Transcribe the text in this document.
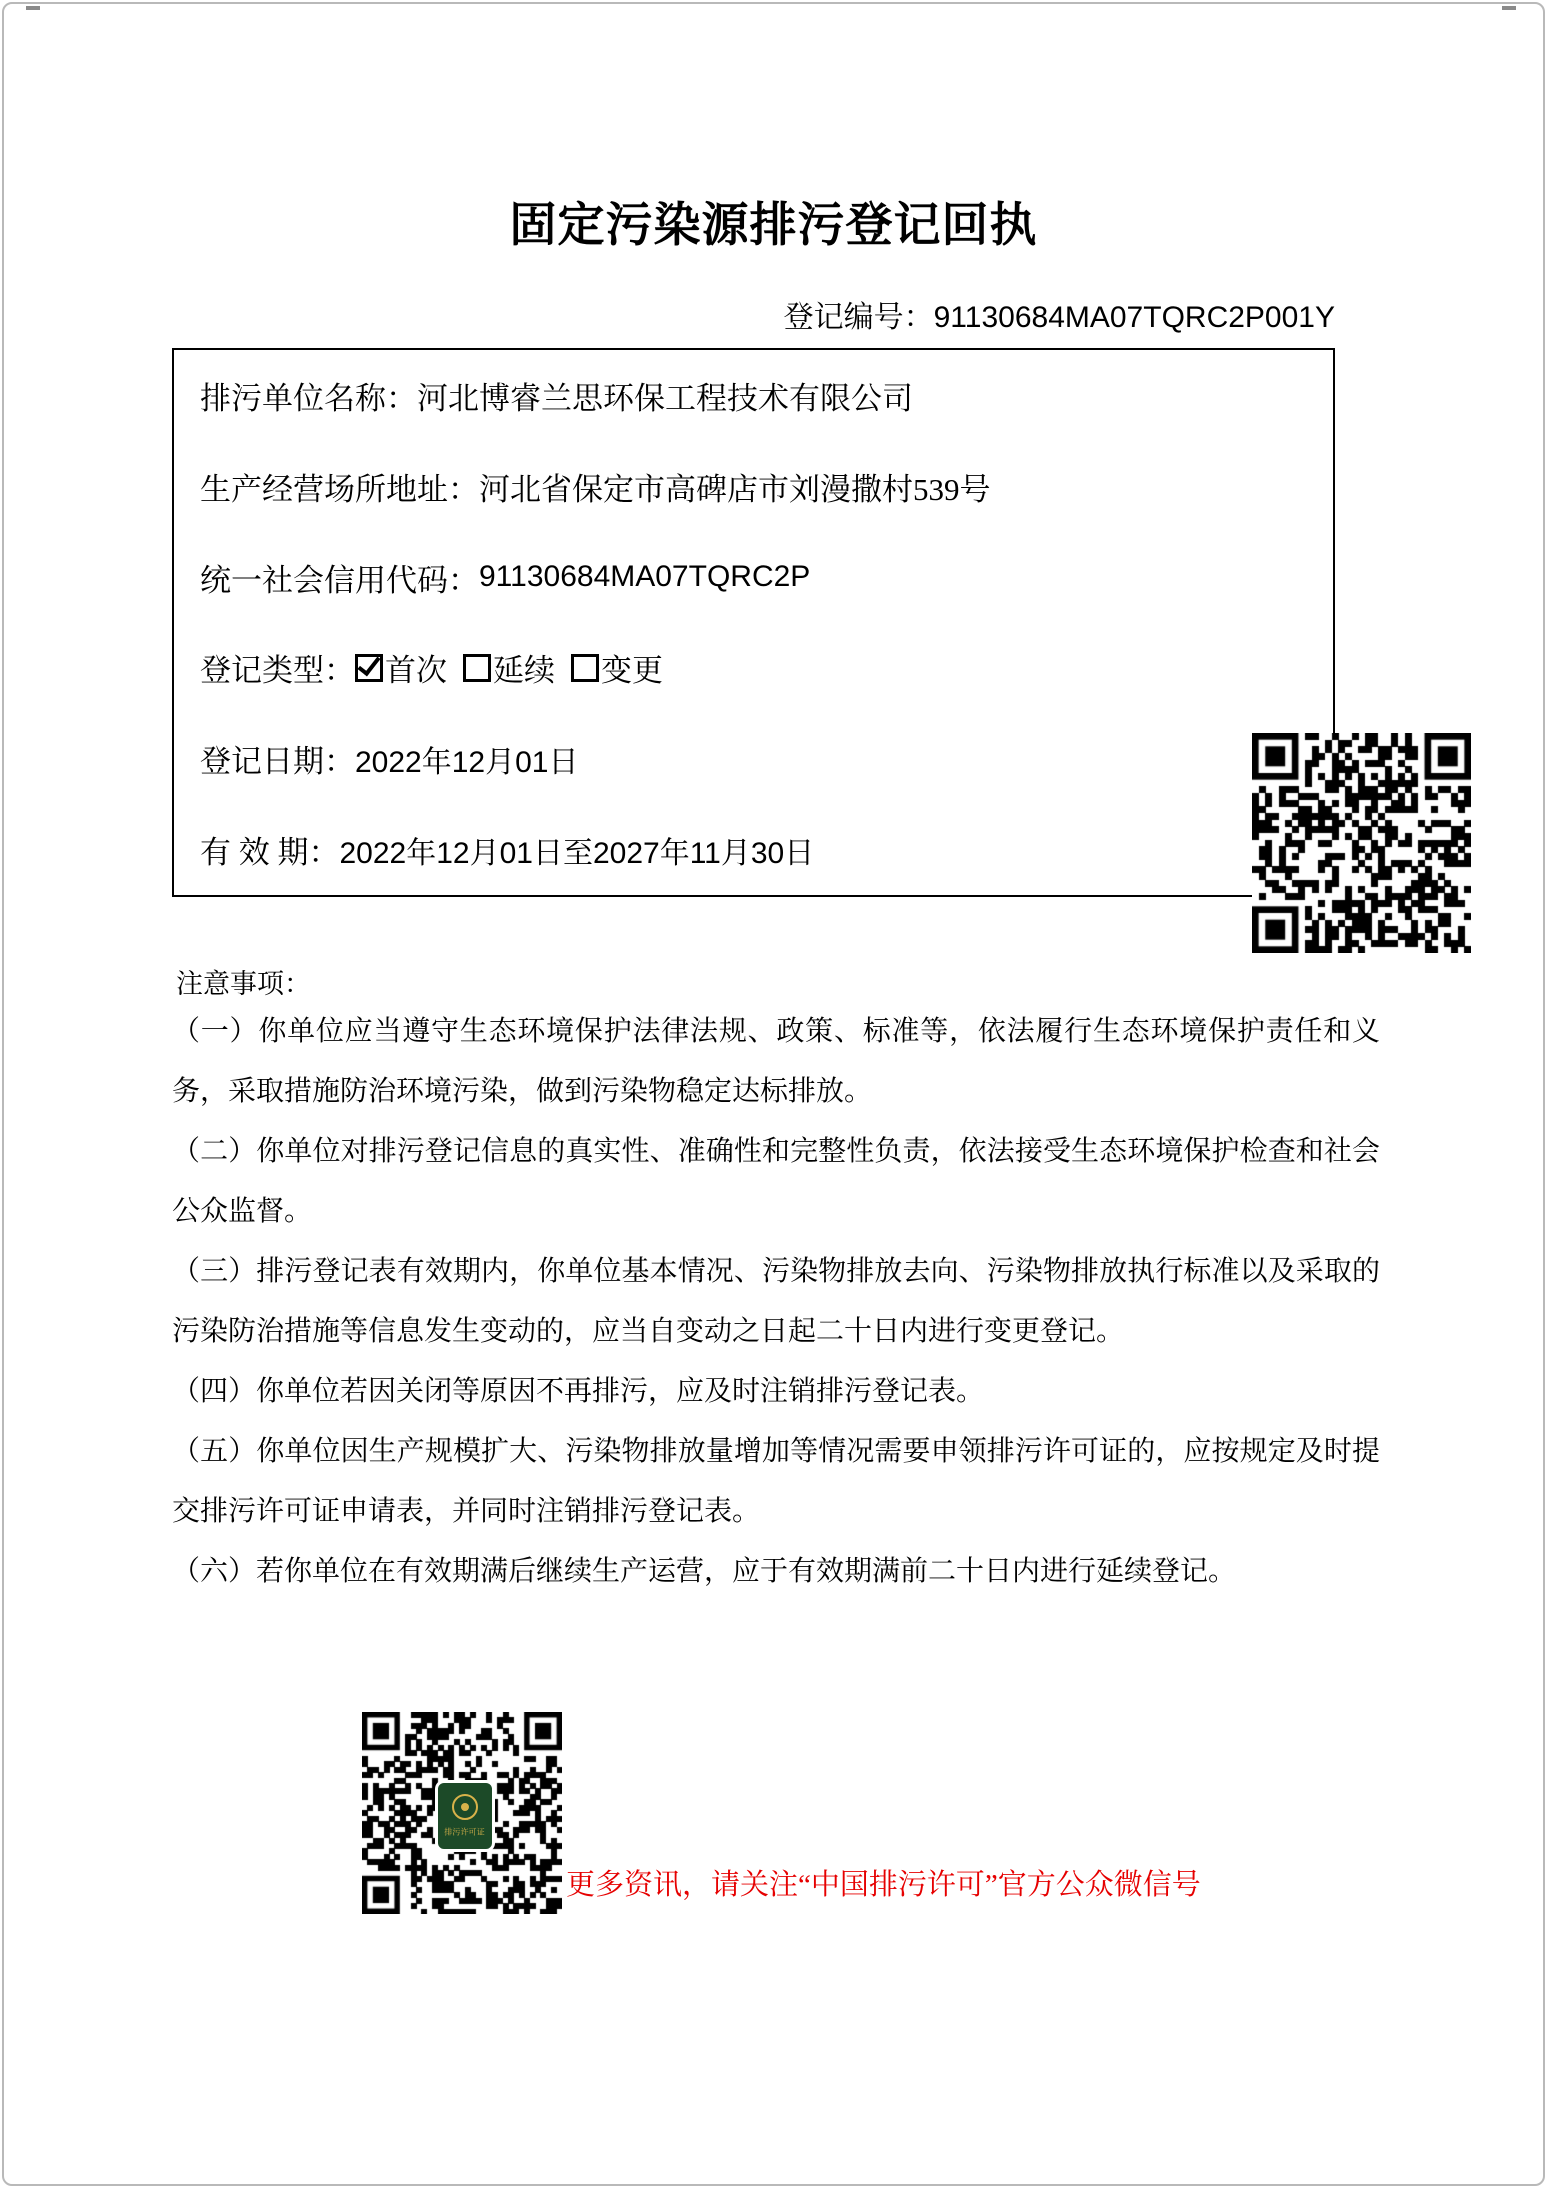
固定污染源排污登记回执
登记编号：91130684MA07TQRC2P001Y
排污单位名称： 河北博睿兰思环保工程技术有限公司
生产经营场所地址： 河北省保定市高碑店市刘漫撒村539号
统一社会信用代码： 91130684MA07TQRC2P
登记类型： 首次 延续 变更
登记日期： 2022年12月01日
有 效 期： 2022年12月01日至2027年11月30日
注意事项：

（一）你单位应当遵守生态环境保护法律法规、政策、标准等，依法履行生态环境保护责任和义务，采取措施防治环境污染，做到污染物稳定达标排放。

（二）你单位对排污登记信息的真实性、准确性和完整性负责，依法接受生态环境保护检查和社会公众监督。

（三）排污登记表有效期内，你单位基本情况、污染物排放去向、污染物排放执行标准以及采取的污染防治措施等信息发生变动的，应当自变动之日起二十日内进行变更登记。

（四）你单位若因关闭等原因不再排污，应及时注销排污登记表。

（五）你单位因生产规模扩大、污染物排放量增加等情况需要申领排污许可证的，应按规定及时提交排污许可证申请表，并同时注销排污登记表。

（六）若你单位在有效期满后继续生产运营，应于有效期满前二十日内进行延续登记。

排污许可证
更多资讯，请关注“中国排污许可”官方公众微信号
